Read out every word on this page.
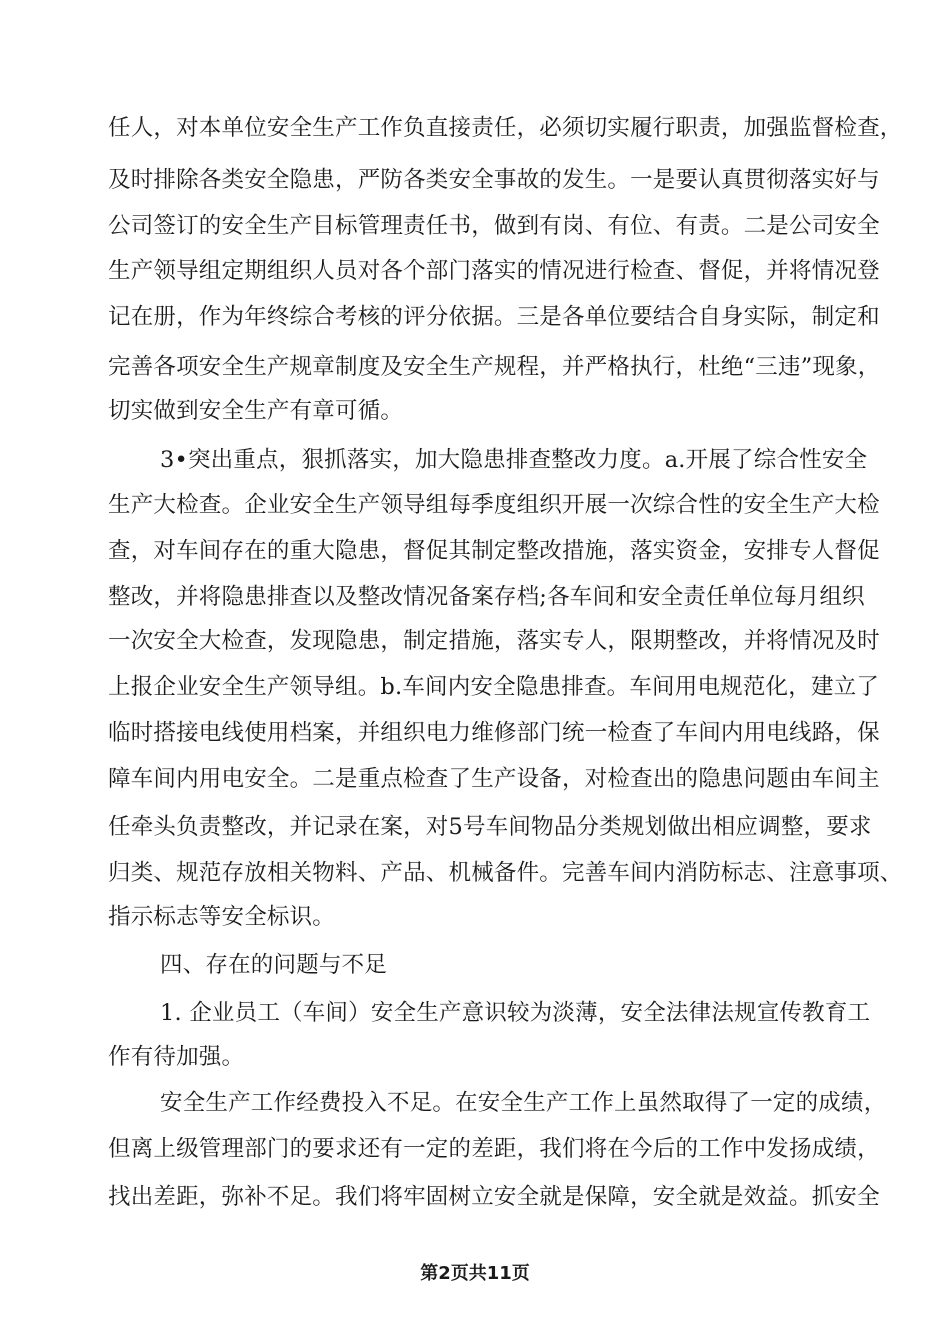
任人，对本单位安全生产工作负直接责任，必须切实履行职责，加强监督检查，
及时排除各类安全隐患，严防各类安全事故的发生。一是要认真贯彻落实好与
公司签订的安全生产目标管理责任书，做到有岗、有位、有责。二是公司安全
生产领导组定期组织人员对各个部门落实的情况进行检查、督促，并将情况登
记在册，作为年终综合考核的评分依据。三是各单位要结合自身实际，制定和
完善各项安全生产规章制度及安全生产规程，并严格执行，杜绝“三违”现象，
切实做到安全生产有章可循。
3•突出重点，狠抓落实，加大隐患排查整改力度。a.开展了综合性安全
生产大检查。企业安全生产领导组每季度组织开展一次综合性的安全生产大检
查，对车间存在的重大隐患，督促其制定整改措施，落实资金，安排专人督促
整改，并将隐患排查以及整改情况备案存档;各车间和安全责任单位每月组织
一次安全大检查，发现隐患，制定措施，落实专人，限期整改，并将情况及时
上报企业安全生产领导组。b.车间内安全隐患排查。车间用电规范化，建立了
临时搭接电线使用档案，并组织电力维修部门统一检查了车间内用电线路，保
障车间内用电安全。二是重点检查了生产设备，对检查出的隐患问题由车间主
任牵头负责整改，并记录在案，对5号车间物品分类规划做出相应调整，要求
归类、规范存放相关物料、产品、机械备件。完善车间内消防标志、注意事项、
指示标志等安全标识。
四、存在的问题与不足
1. 企业员工（车间）安全生产意识较为淡薄，安全法律法规宣传教育工
作有待加强。
安全生产工作经费投入不足。在安全生产工作上虽然取得了一定的成绩，
但离上级管理部门的要求还有一定的差距，我们将在今后的工作中发扬成绩，
找出差距，弥补不足。我们将牢固树立安全就是保障，安全就是效益。抓安全
第2页共11页
